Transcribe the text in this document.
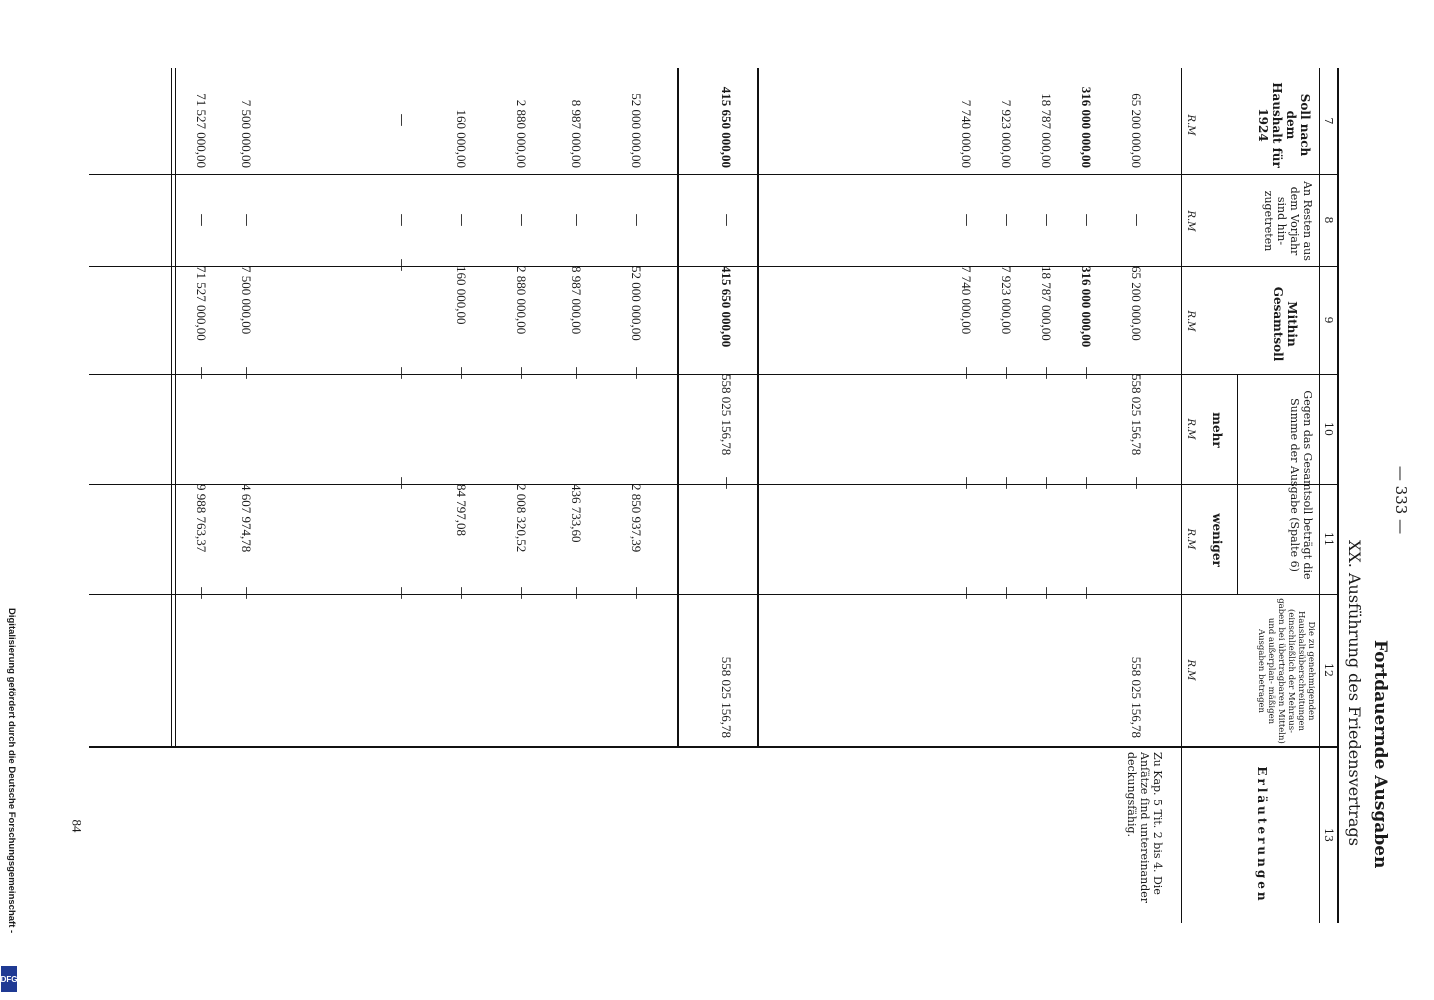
Digitalisierung gefördert durch die Deutsche Forschungsgemeinschaft -
DFG
84
— 333 —
Fortdauernde Ausgaben
XX. Ausführung des Friedensvertrags
7
8
9
10
11
12
13
Soll nach dem Haushalt für 1924
An Resten aus dem Vorjahr sind hin- zugetreten
Mithin Gesamtsoll
Gegen das Gesamtsoll beträgt die Summe der Ausgabe (Spalte 6)
mehr
weniger
Die zu genehmigenden Haushaltsüberschreitungen (einschließlich der Mehraus- gaben bei übertragbaren Mitteln) und außerplan- mäßigen Ausgaben betragen
Erläuterungen
R.M
R.M
R.M
R.M
R.M
R.M
65 200 000,00
—
65 200 000,00
558 025 156,78
—
558 025 156,78
316 000 000,00
—
316 000 000,00
—
—
—
18 787 000,00
—
18 787 000,00
—
—
—
7 923 000,00
—
7 923 000,00
—
—
—
7 740 000,00
—
7 740 000,00
—
—
—
415 650 000,00
—
415 650 000,00
558 025 156,78
—
558 025 156,78
52 000 000,00
—
52 000 000,00
—
2 850 937,39
—
8 987 000,00
—
8 987 000,00
—
436 733,60
—
2 880 000,00
—
2 880 000,00
—
2 008 320,52
—
160 000,00
—
160 000,00
—
84 797,08
—
—
—
—
—
—
—
7 500 000,00
—
7 500 000,00
—
4 607 974,78
—
71 527 000,00
—
71 527 000,00
—
9 988 763,37
—
Zu Kap. 5 Tit. 2 bis 4. Die Anſätze ſind untereinander deckungsfähig.
